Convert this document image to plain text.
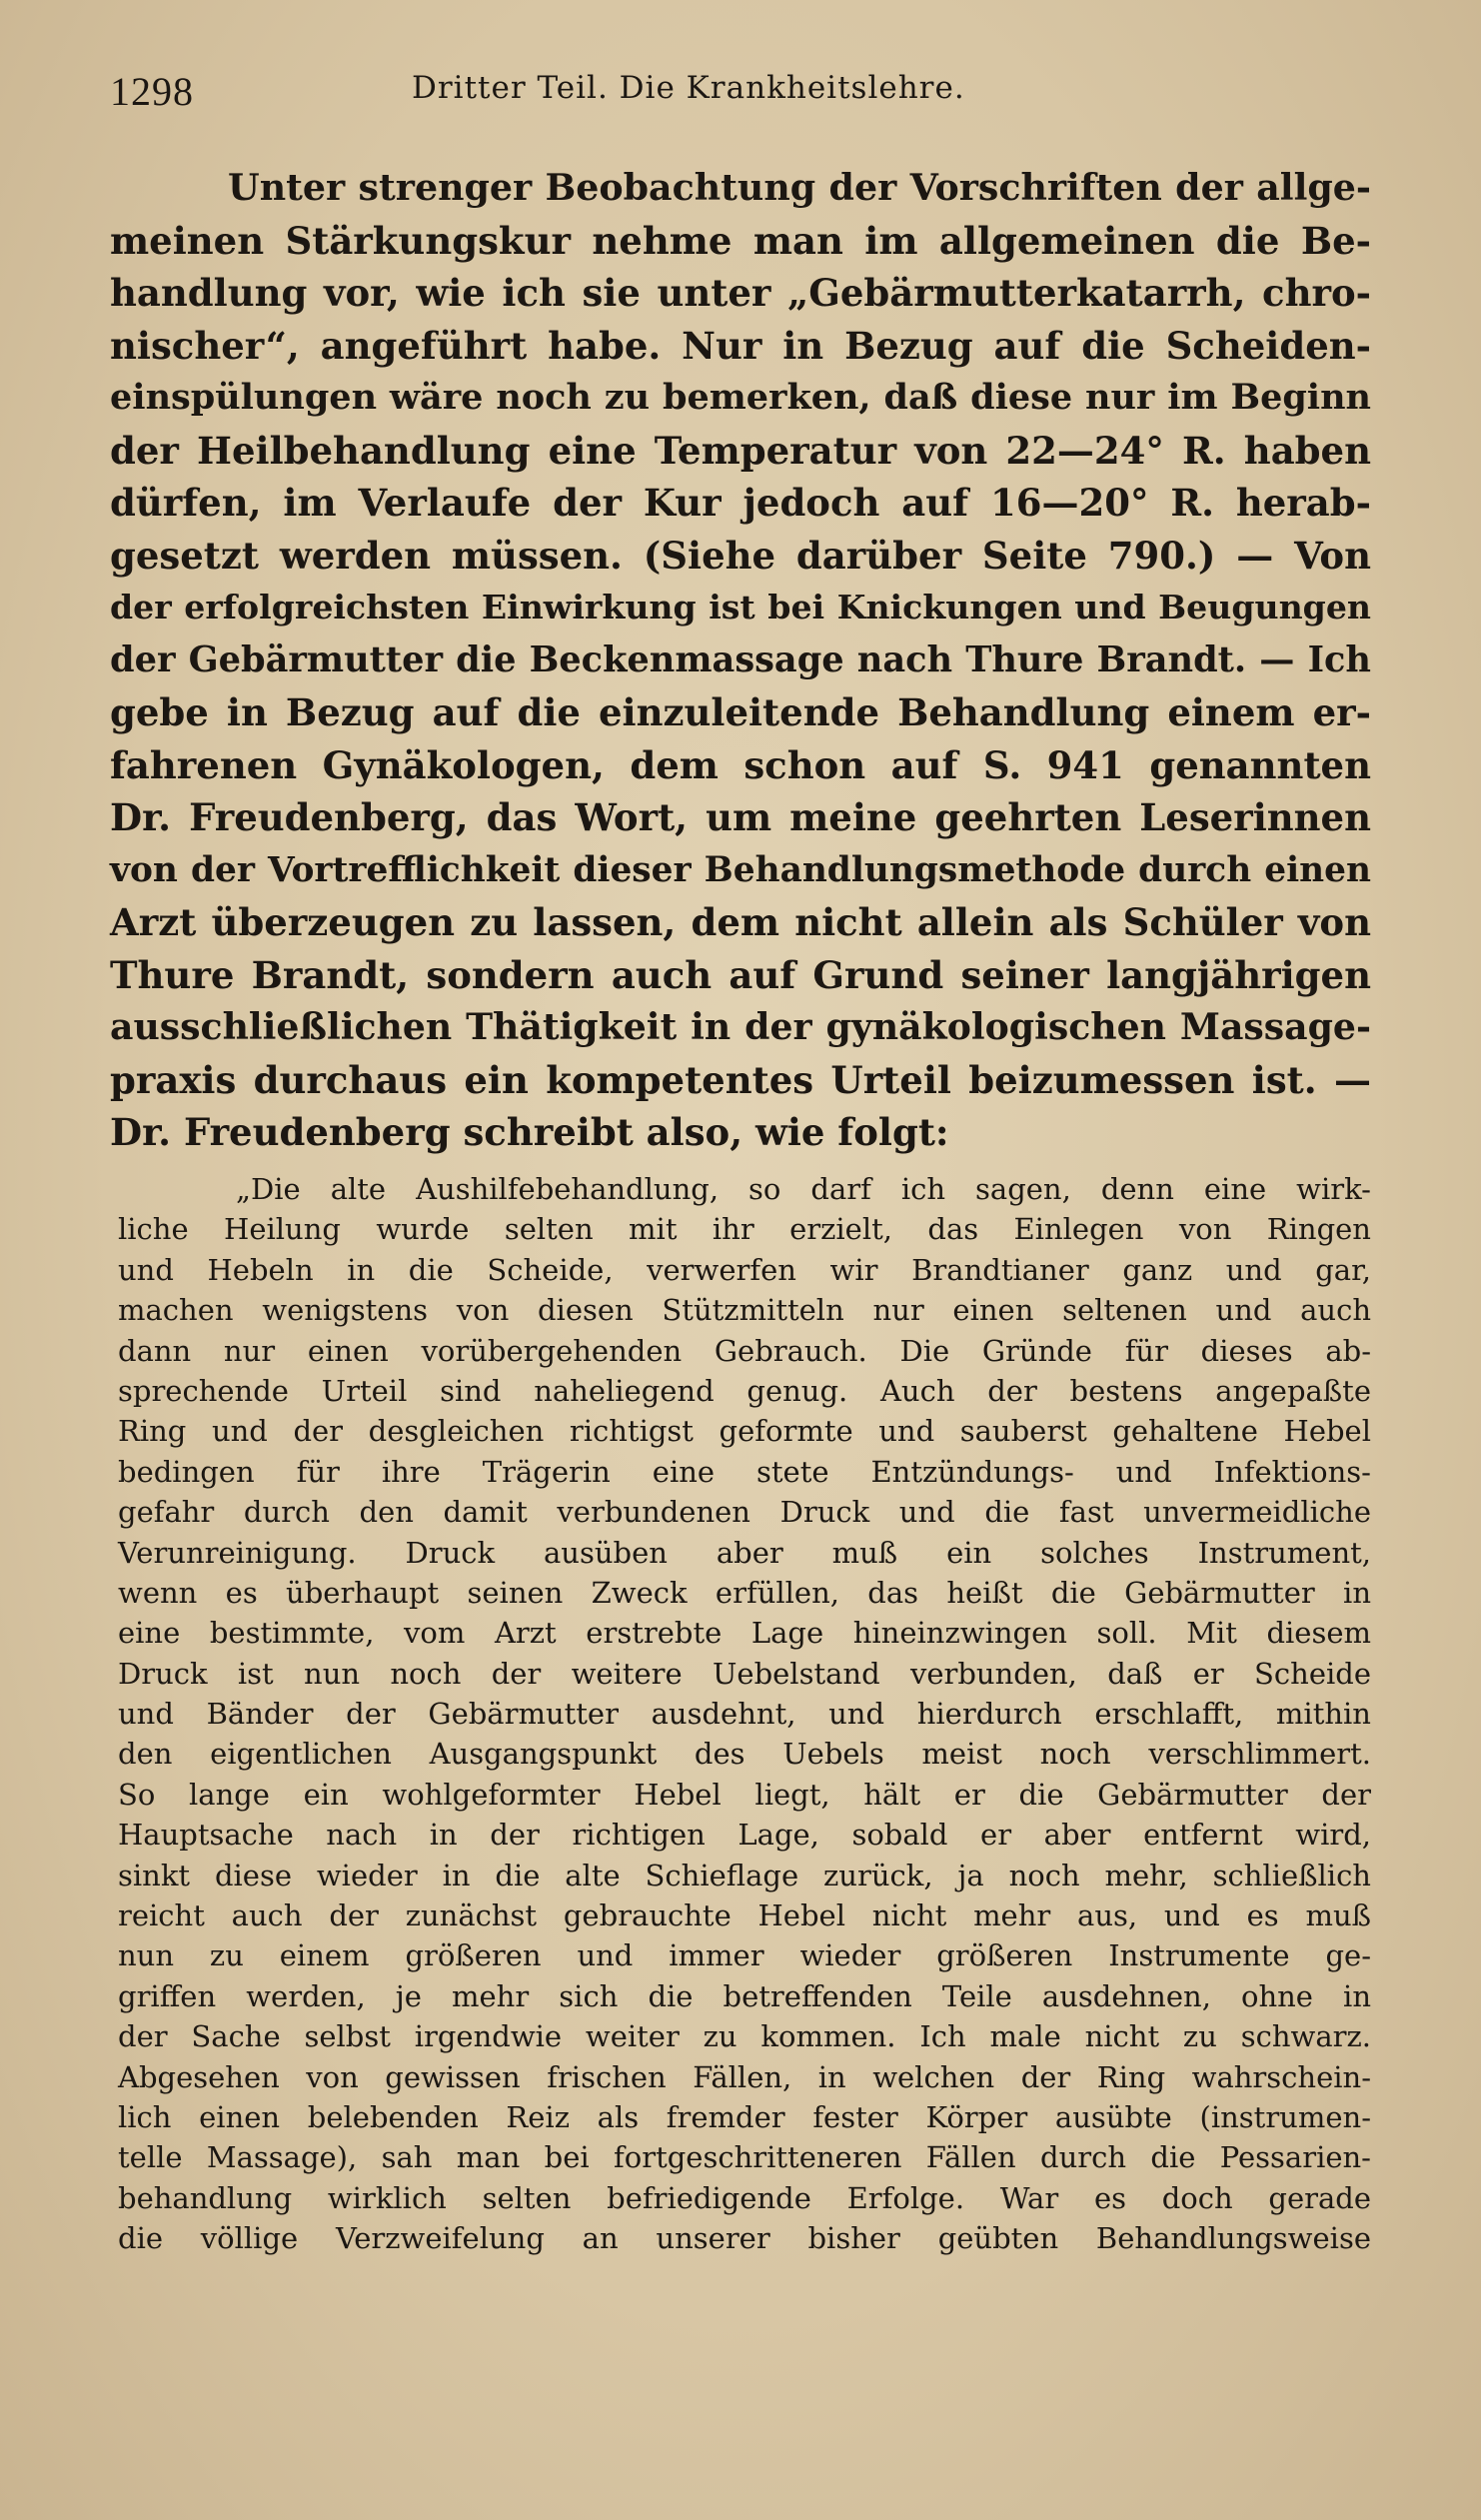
1298	Dritter Teil. Die Krankheitslehre.
Unter strenger Beobachtung der Vorschriften der allge-
meinen Stärkungskur nehme man im allgemeinen die Be-
handlung vor, wie ich sie unter „Gebärmutterkatarrh, chro-
nischer“, angeführt habe. Nur in Bezug auf die Scheiden-
einspülungen wäre noch zu bemerken, daß diese nur im Beginn
der Heilbehandlung eine Temperatur von 22—24° R. haben
dürfen, im Verlaufe der Kur jedoch auf 16—20° R. herab-
gesetzt werden müssen. (Siehe darüber Seite 790.) — Von
der erfolgreichsten Einwirkung ist bei Knickungen und Beugungen
der Gebärmutter die Beckenmassage nach Thure Brandt. — Ich
gebe in Bezug auf die einzuleitende Behandlung einem er-
fahrenen Gynäkologen, dem schon auf S. 941 genannten
Dr. Freudenberg, das Wort, um meine geehrten Leserinnen
von der Vortrefflichkeit dieser Behandlungsmethode durch einen
Arzt überzeugen zu lassen, dem nicht allein als Schüler von
Thure Brandt, sondern auch auf Grund seiner langjährigen
ausschließlichen Thätigkeit in der gynäkologischen Massage-
praxis durchaus ein kompetentes Urteil beizumessen ist. —
Dr. Freudenberg schreibt also, wie folgt:
„Die alte Aushilfebehandlung, so darf ich sagen, denn eine wirk-
liche Heilung wurde selten mit ihr erzielt, das Einlegen von Ringen
und Hebeln in die Scheide, verwerfen wir Brandtianer ganz und gar,
machen wenigstens von diesen Stützmitteln nur einen seltenen und auch
dann nur einen vorübergehenden Gebrauch. Die Gründe für dieses ab-
sprechende Urteil sind naheliegend genug. Auch der bestens angepaßte
Ring und der desgleichen richtigst geformte und sauberst gehaltene Hebel
bedingen für ihre Trägerin eine stete Entzündungs- und Infektions-
gefahr durch den damit verbundenen Druck und die fast unvermeidliche
Verunreinigung. Druck ausüben aber muß ein solches Instrument,
wenn es überhaupt seinen Zweck erfüllen, das heißt die Gebärmutter in
eine bestimmte, vom Arzt erstrebte Lage hineinzwingen soll. Mit diesem
Druck ist nun noch der weitere Uebelstand verbunden, daß er Scheide
und Bänder der Gebärmutter ausdehnt, und hierdurch erschlafft, mithin
den eigentlichen Ausgangspunkt des Uebels meist noch verschlimmert.
So lange ein wohlgeformter Hebel liegt, hält er die Gebärmutter der
Hauptsache nach in der richtigen Lage, sobald er aber entfernt wird,
sinkt diese wieder in die alte Schieflage zurück, ja noch mehr, schließlich
reicht auch der zunächst gebrauchte Hebel nicht mehr aus, und es muß
nun zu einem größeren und immer wieder größeren Instrumente ge-
griffen werden, je mehr sich die betreffenden Teile ausdehnen, ohne in
der Sache selbst irgendwie weiter zu kommen. Ich male nicht zu schwarz.
Abgesehen von gewissen frischen Fällen, in welchen der Ring wahrschein-
lich einen belebenden Reiz als fremder fester Körper ausübte (instrumen-
telle Massage), sah man bei fortgeschritteneren Fällen durch die Pessarien-
behandlung wirklich selten befriedigende Erfolge. War es doch gerade
die völlige Verzweifelung an unserer bisher geübten Behandlungsweise
